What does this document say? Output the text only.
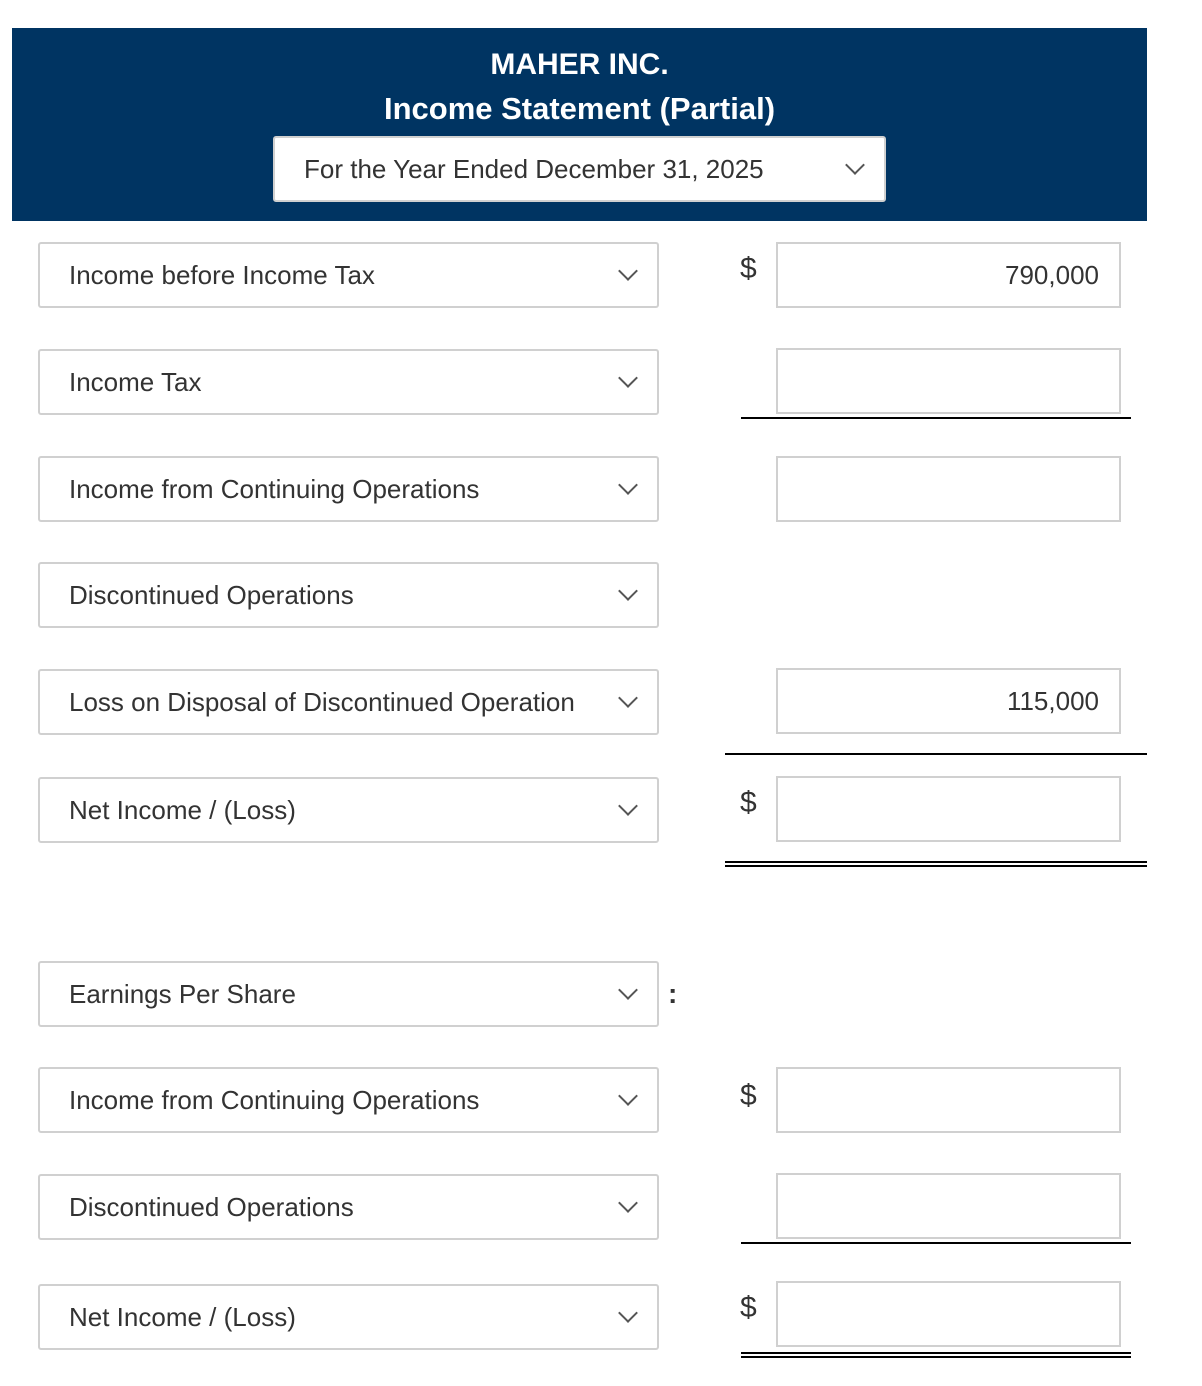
MAHER INC.
Income Statement (Partial)
For the Year Ended December 31, 2025
Income before Income Tax
Income Tax
Income from Continuing Operations
Discontinued Operations
Loss on Disposal of Discontinued Operation
Net Income / (Loss)
Earnings Per Share
Income from Continuing Operations
Discontinued Operations
Net Income / (Loss)
:
$
$
$
$
790,000
115,000
